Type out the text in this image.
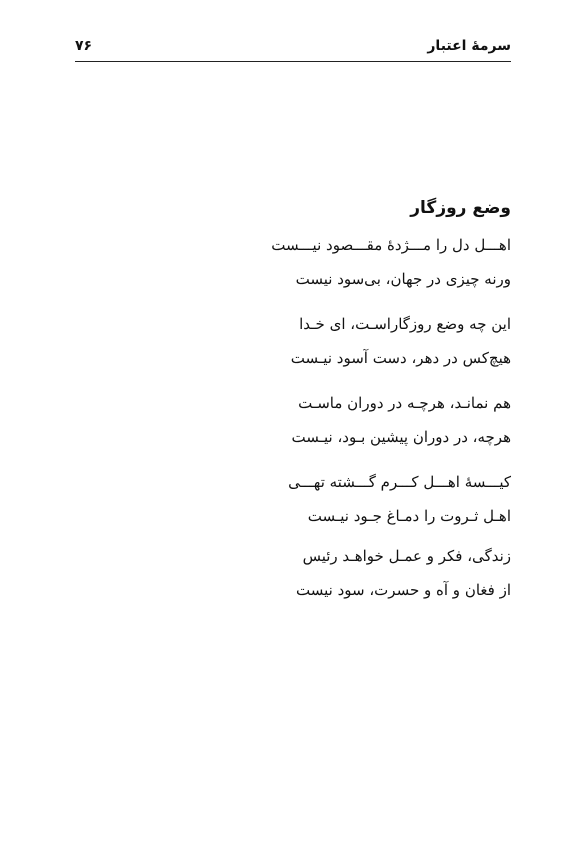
سرمهٔ اعتبار
۷۶
وضع روزگار
اهـــل دل را مـــژدهٔ مقـــصود نیـــست
ورنه چیزی در جهان، بی‌سود نیست
این چه وضع روزگاراسـت، ای خـدا
هیچ‌کس در دهر، دست آسود نیـست
هم نمانـد، هرچـه در دوران ماسـت
هرچه، در دوران پیشین بـود، نیـست
کیـــسهٔ اهـــل کـــرم گـــشته تهـــی
اهـل ثـروت را دمـاغ جـود نیـست
زندگی، فکر و عمـل خواهـد رئیس
از فغان و آه و حسرت، سود نیست
